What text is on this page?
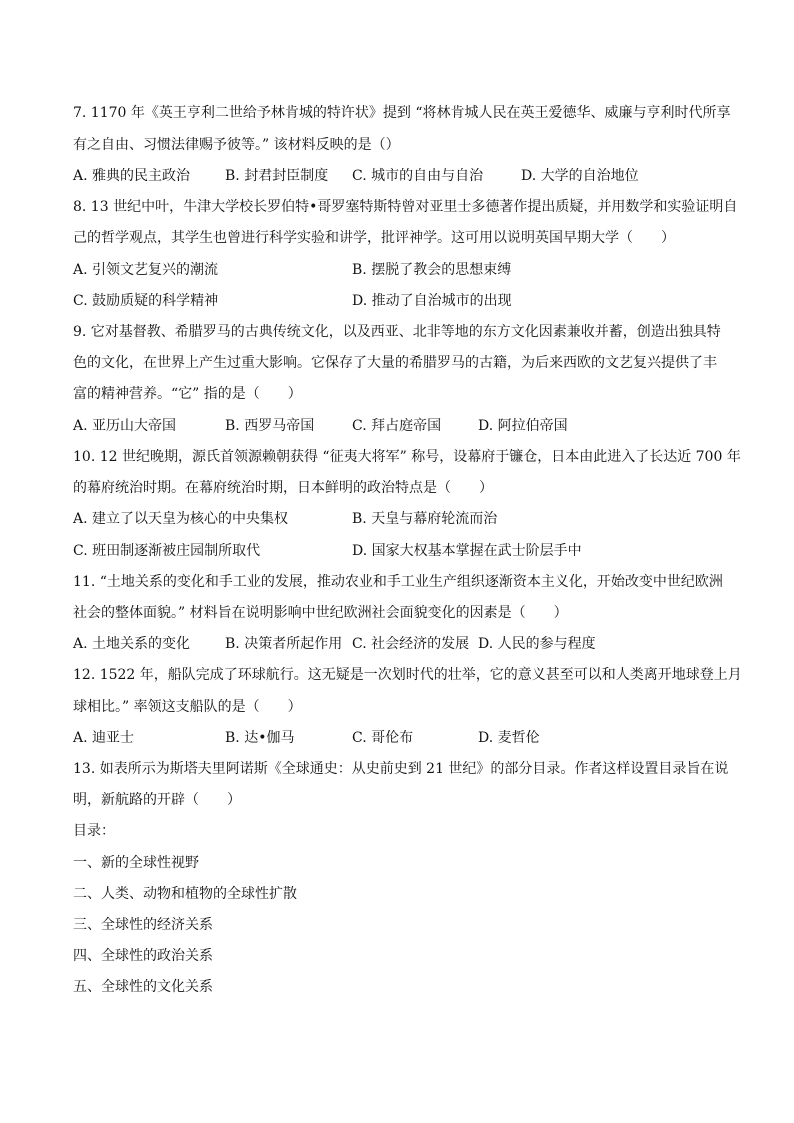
7. 1170 年《英王亨利二世给予林肯城的特许状》提到 “将林肯城人民在英王爱德华、威廉与亨利时代所享
有之自由、习惯法律赐予彼等。” 该材料反映的是（）
A. 雅典的民主政治 B. 封君封臣制度 C. 城市的自由与自治	D. 大学的自治地位
8. 13 世纪中叶，牛津大学校长罗伯特•哥罗塞特斯特曾对亚里士多德著作提出质疑，并用数学和实验证明自
己的哲学观点，其学生也曾进行科学实验和讲学，批评神学。这可用以说明英国早期大学（　　）
A. 引领文艺复兴的潮流	B. 摆脱了教会的思想束缚
C. 鼓励质疑的科学精神	D. 推动了自治城市的出现
9. 它对基督教、希腊罗马的古典传统文化，以及西亚、北非等地的东方文化因素兼收并蓄，创造出独具特
色的文化，在世界上产生过重大影响。它保存了大量的希腊罗马的古籍，为后来西欧的文艺复兴提供了丰
富的精神营养。“它” 指的是（　　）
A. 亚历山大帝国	B. 西罗马帝国	C. 拜占庭帝国	D. 阿拉伯帝国
10. 12 世纪晚期，源氏首领源赖朝获得 “征夷大将军” 称号，设幕府于镰仓，日本由此进入了长达近 700 年
的幕府统治时期。在幕府统治时期，日本鲜明的政治特点是（　　）
A. 建立了以天皇为核心的中央集权	B. 天皇与幕府轮流而治
C. 班田制逐渐被庄园制所取代	D. 国家大权基本掌握在武士阶层手中
11. “土地关系的变化和手工业的发展，推动农业和手工业生产组织逐渐资本主义化，开始改变中世纪欧洲
社会的整体面貌。” 材料旨在说明影响中世纪欧洲社会面貌变化的因素是（　　）
A. 土地关系的变化 B. 决策者所起作用 C. 社会经济的发展 D. 人民的参与程度
12. 1522 年，船队完成了环球航行。这无疑是一次划时代的壮举，它的意义甚至可以和人类离开地球登上月
球相比。” 率领这支船队的是（　　）
A. 迪亚士	B. 达•伽马	C. 哥伦布	D. 麦哲伦
13. 如表所示为斯塔夫里阿诺斯《全球通史：从史前史到 21 世纪》的部分目录。作者这样设置目录旨在说
明，新航路的开辟（　　）
目录：
一、新的全球性视野
二、人类、动物和植物的全球性扩散
三、全球性的经济关系
四、全球性的政治关系
五、全球性的文化关系
